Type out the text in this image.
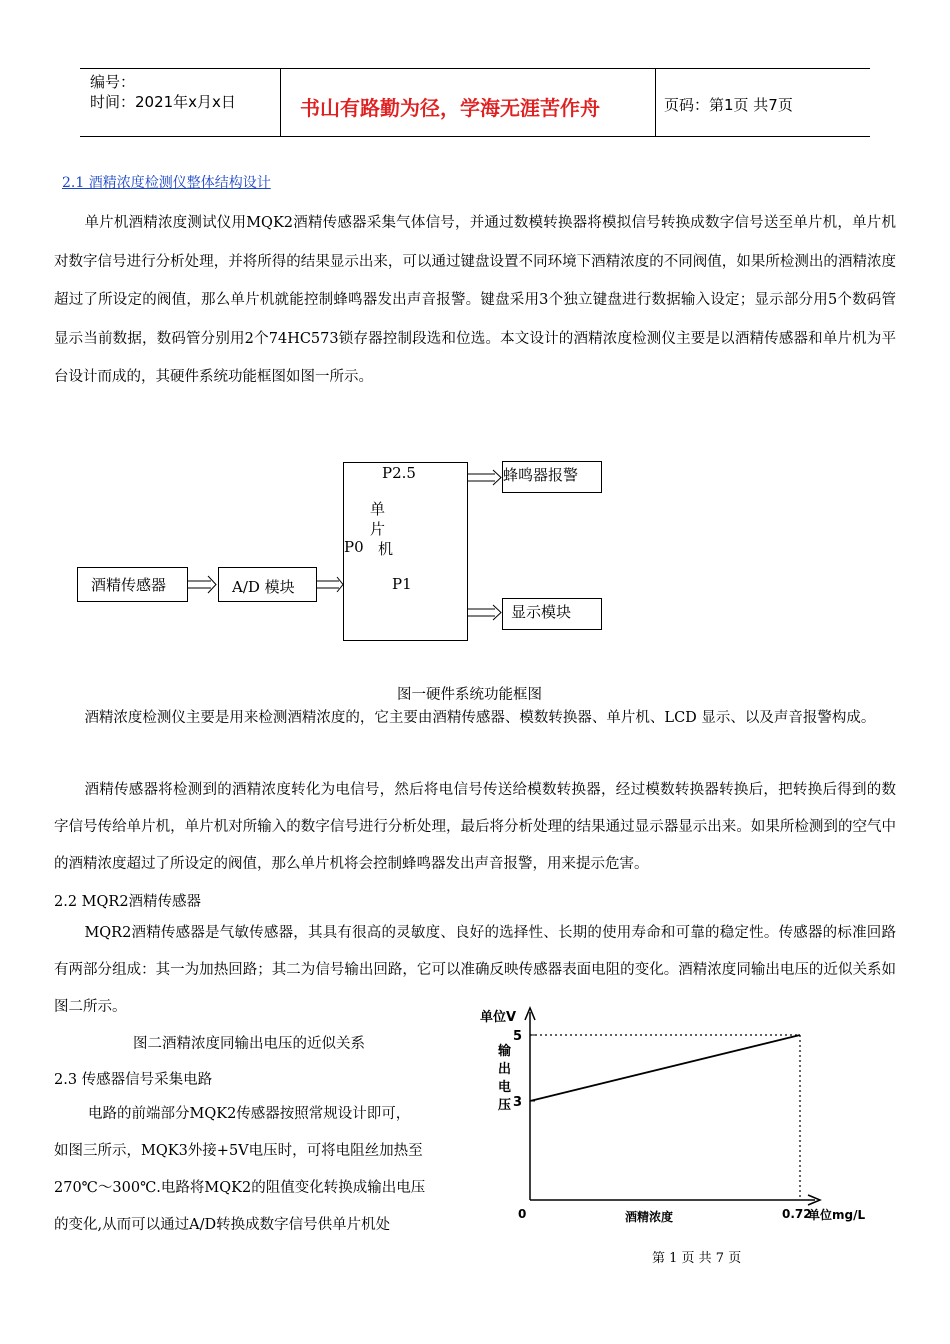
编号：
时间：2021年x月x日	书山有路勤为径，学海无涯苦作舟	页码：第1页 共7页
2.1 酒精浓度检测仪整体结构设计
单片机酒精浓度测试仪用MQK2酒精传感器采集气体信号，并通过数模转换器将模拟信号转换成数字信号送至单片机，单片机对数字信号进行分析处理，并将所得的结果显示出来，可以通过键盘设置不同环境下酒精浓度的不同阀值，如果所检测出的酒精浓度超过了所设定的阀值，那么单片机就能控制蜂鸣器发出声音报警。键盘采用3个独立键盘进行数据输入设定；显示部分用5个数码管显示当前数据，数码管分别用2个74HC573锁存器控制段选和位选。本文设计的酒精浓度检测仪主要是以酒精传感器和单片机为平台设计而成的，其硬件系统功能框图如图一所示。
P2.5
单
片
P0 机
P1
酒精传感器	A/D 模块
蜂鸣器报警
显示模块
图一硬件系统功能框图
酒精浓度检测仪主要是用来检测酒精浓度的，它主要由酒精传感器、模数转换器、单片机、LCD 显示、以及声音报警构成。
酒精传感器将检测到的酒精浓度转化为电信号，然后将电信号传送给模数转换器，经过模数转换器转换后，把转换后得到的数字信号传给单片机，单片机对所输入的数字信号进行分析处理，最后将分析处理的结果通过显示器显示出来。如果所检测到的空气中的酒精浓度超过了所设定的阀值，那么单片机将会控制蜂鸣器发出声音报警，用来提示危害。
2.2 MQR2酒精传感器
MQR2酒精传感器是气敏传感器，其具有很高的灵敏度、良好的选择性、长期的使用寿命和可靠的稳定性。传感器的标准回路有两部分组成：其一为加热回路；其二为信号输出回路，它可以准确反映传感器表面电阻的变化。酒精浓度同输出电压的近似关系如图二所示。
图二酒精浓度同输出电压的近似关系
2.3 传感器信号采集电路
电路的前端部分MQK2传感器按照常规设计即可，
如图三所示，MQK3外接+5V电压时，可将电阻丝加热至
270℃～300℃.电路将MQK2的阻值变化转换成输出电压
的变化,从而可以通过A/D转换成数字信号供单片机处
3
5
0	0.72
单位V
输
出
电
压
酒精浓度	单位mg/L
第 1 页 共 7 页
